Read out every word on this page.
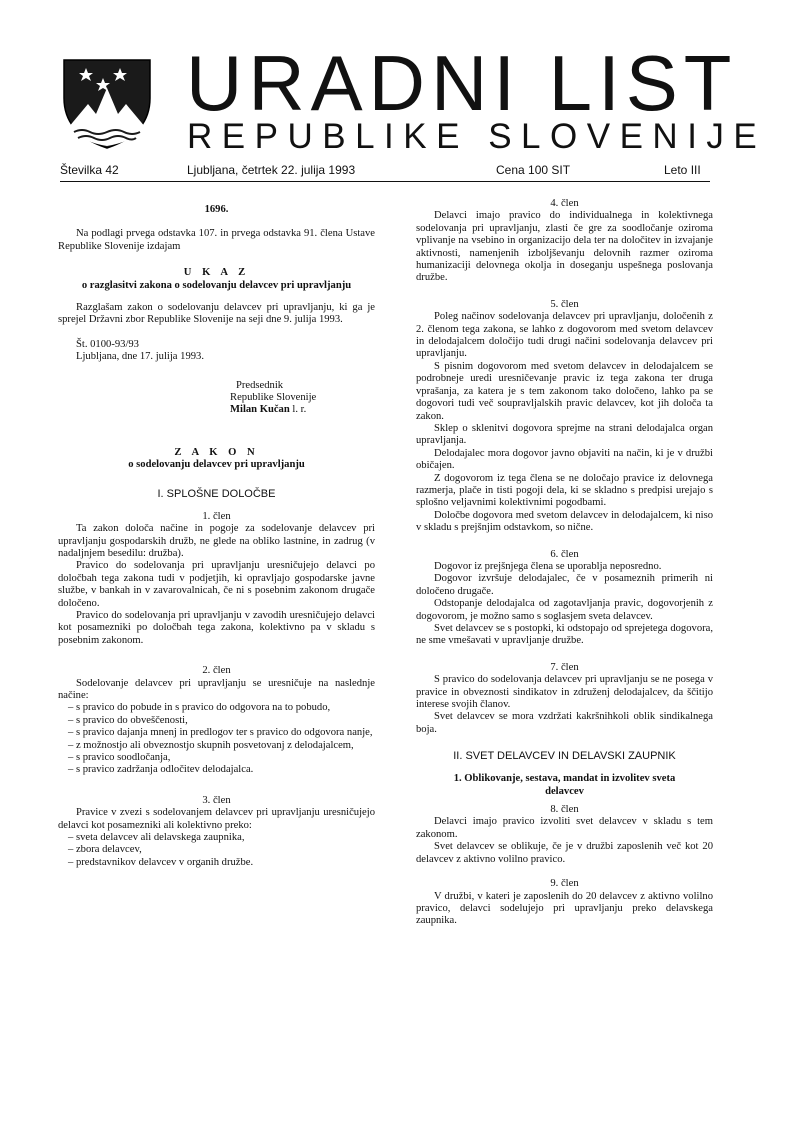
URADNI LIST
REPUBLIKE SLOVENIJE
Številka 42	Ljubljana, četrtek 22. julija 1993	Cena 100 SIT	Leto III

1696.

Na podlagi prvega odstavka 107. in prvega odstavka 91. člena Ustave Republike Slovenije izdajam

U K A Z

o razglasitvi zakona o sodelovanju delavcev pri upravljanju

Razglašam zakon o sodelovanju delavcev pri upravljanju, ki ga je sprejel Državni zbor Republike Slovenije na seji dne 9. julija 1993.

Št. 0100-93/93

Ljubljana, dne 17. julija 1993.

Predsednik

Republike Slovenije

Milan Kučan l. r.

Z A K O N

o sodelovanju delavcev pri upravljanju

I. SPLOŠNE DOLOČBE

1. člen

Ta zakon določa načine in pogoje za sodelovanje delavcev pri upravljanju gospodarskih družb, ne glede na obliko lastnine, in zadrug (v nadaljnjem besedilu: družba).

Pravico do sodelovanja pri upravljanju uresničujejo delavci po določbah tega zakona tudi v podjetjih, ki opravljajo gospodarske javne službe, v bankah in v zavarovalnicah, če ni s posebnim zakonom drugače določeno.

Pravico do sodelovanja pri upravljanju v zavodih uresničujejo delavci kot posamezniki po določbah tega zakona, kolektivno pa v skladu s posebnim zakonom.

2. člen

Sodelovanje delavcev pri upravljanju se uresničuje na naslednje načine:

– s pravico do pobude in s pravico do odgovora na to pobudo,

– s pravico do obveščenosti,

– s pravico dajanja mnenj in predlogov ter s pravico do odgovora nanje,

– z možnostjo ali obveznostjo skupnih posvetovanj z delodajalcem,

– s pravico soodločanja,

– s pravico zadržanja odločitev delodajalca.

3. člen

Pravice v zvezi s sodelovanjem delavcev pri upravljanju uresničujejo delavci kot posamezniki ali kolektivno preko:

– sveta delavcev ali delavskega zaupnika,

– zbora delavcev,

– predstavnikov delavcev v organih družbe.

4. člen

Delavci imajo pravico do individualnega in kolektivnega sodelovanja pri upravljanju, zlasti če gre za soodločanje oziroma vplivanje na vsebino in organizacijo dela ter na določitev in izvajanje aktivnosti, namenjenih izboljševanju delovnih razmer oziroma humanizaciji delovnega okolja in doseganju uspešnega poslovanja družbe.

5. člen

Poleg načinov sodelovanja delavcev pri upravljanju, določenih z 2. členom tega zakona, se lahko z dogovorom med svetom delavcev in delodajalcem določijo tudi drugi načini sodelovanja delavcev pri upravljanju.

S pisnim dogovorom med svetom delavcev in delodajalcem se podrobneje uredi uresničevanje pravic iz tega zakona ter druga vprašanja, za katera je s tem zakonom tako določeno, lahko pa se dogovori tudi več soupravljalskih pravic delavcev, kot jih določa ta zakon.

Sklep o sklenitvi dogovora sprejme na strani delodajalca organ upravljanja.

Delodajalec mora dogovor javno objaviti na način, ki je v družbi običajen.

Z dogovorom iz tega člena se ne določajo pravice iz delovnega razmerja, plače in tisti pogoji dela, ki se skladno s predpisi urejajo s splošno veljavnimi kolektivnimi pogodbami.

Določbe dogovora med svetom delavcev in delodajalcem, ki niso v skladu s prejšnjim odstavkom, so nične.

6. člen

Dogovor iz prejšnjega člena se uporablja neposredno.

Dogovor izvršuje delodajalec, če v posameznih primerih ni določeno drugače.

Odstopanje delodajalca od zagotavljanja pravic, dogovorjenih z dogovorom, je možno samo s soglasjem sveta delavcev.

Svet delavcev se s postopki, ki odstopajo od sprejetega dogovora, ne sme vmešavati v upravljanje družbe.

7. člen

S pravico do sodelovanja delavcev pri upravljanju se ne posega v pravice in obveznosti sindikatov in združenj delodajalcev, da ščitijo interese svojih članov.

Svet delavcev se mora vzdržati kakršnihkoli oblik sindikalnega boja.

II. SVET DELAVCEV IN DELAVSKI ZAUPNIK

1. Oblikovanje, sestava, mandat in izvolitev sveta delavcev

8. člen

Delavci imajo pravico izvoliti svet delavcev v skladu s tem zakonom.

Svet delavcev se oblikuje, če je v družbi zaposlenih več kot 20 delavcev z aktivno volilno pravico.

9. člen

V družbi, v kateri je zaposlenih do 20 delavcev z aktivno volilno pravico, delavci sodelujejo pri upravljanju preko delavskega zaupnika.
